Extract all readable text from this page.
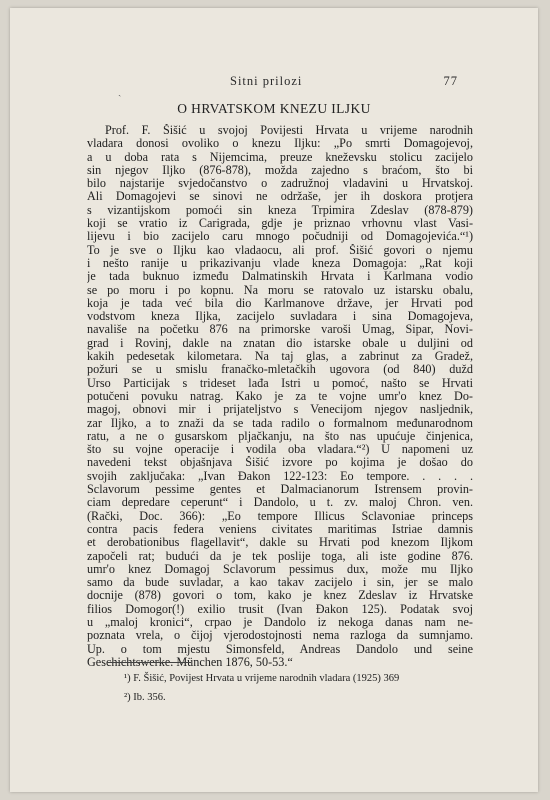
ˎ
Sitni prilozi	77
O HRVATSKOM KNEZU ILJKU
Prof. F. Šišić u svojoj Povijesti Hrvata u vrijeme narodnih
vladara donosi ovoliko o knezu Iljku: „Po smrti Domagojevoj,
a u doba rata s Nijemcima, preuze kneževsku stolicu zacijelo
sin njegov Iljko (876-878), možda zajedno s braćom, što bi
bilo najstarije svjedočanstvo o zadružnoj vladavini u Hrvatskoj.
Ali Domagojevi se sinovi ne održaše, jer ih doskora protjera
s vizantijskom pomoći sin kneza Trpimira Zdeslav (878-879)
koji se vratio iz Carigrada, gdje je priznao vrhovnu vlast Vasi-
lijevu i bio zacijelo caru mnogo počudniji od Domagojevića.“¹)
To je sve o Iljku kao vladaocu, ali prof. Šišić govori o njemu
i nešto ranije u prikazivanju vlade kneza Domagoja: „Rat koji
je tada buknuo između Dalmatinskih Hrvata i Karlmana vodio
se po moru i po kopnu. Na moru se ratovalo uz istarsku obalu,
koja je tada već bila dio Karlmanove države, jer Hrvati pod
vodstvom kneza Iljka, zacijelo suvladara i sina Domagojeva,
navališe na početku 876 na primorske varoši Umag, Sipar, Novi-
grad i Rovinj, dakle na znatan dio istarske obale u duljini od
kakih pedesetak kilometara. Na taj glas, a zabrinut za Gradež,
požuri se u smislu franačko-mletačkih ugovora (od 840) dužd
Urso Particijak s trideset lađa Istri u pomoć, našto se Hrvati
potučeni povuku natrag. Kako je za te vojne umr'o knez Do-
magoj, obnovi mir i prijateljstvo s Venecijom njegov nasljednik,
zar Iljko, a to znaži da se tada radilo o formalnom međunarodnom
ratu, a ne o gusarskom pljačkanju, na što nas upućuje činjenica,
što su vojne operacije i vodila oba vladara.“²) U napomeni uz
navedeni tekst objašnjava Šišić izvore po kojima je došao do
svojih zaključaka: „Ivan Đakon 122-123: Eo tempore. . . . .
Sclavorum pessime gentes et Dalmacianorum Istrensem provin-
ciam depredare ceperunt“ i Dandolo, u t. zv. maloj Chron. ven.
(Rački, Doc. 366): „Eo tempore Illicus Sclavoniae princeps
contra pacis federa veniens civitates maritimas Istriae damnis
et derobationibus flagellavit“, dakle su Hrvati pod knezom Iljkom
započeli rat; budući da je tek poslije toga, ali iste godine 876.
umr'o knez Domagoj Sclavorum pessimus dux, može mu Iljko
samo da bude suvladar, a kao takav zacijelo i sin, jer se malo
docnije (878) govori o tom, kako je knez Zdeslav iz Hrvatske
filios Domogor(!) exilio trusit (Ivan Đakon 125). Podatak svoj
u „maloj kronici“, crpao je Dandolo iz nekoga danas nam ne-
poznata vrela, o čijoj vjerodostojnosti nema razloga da sumnjamo.
Up. o tom mjestu Simonsfeld, Andreas Dandolo und seine
Geschichtswerke. München 1876, 50-53.“
¹) F. Šišić, Povijest Hrvata u vrijeme narodnih vladara (1925) 369
²) Ib. 356.
